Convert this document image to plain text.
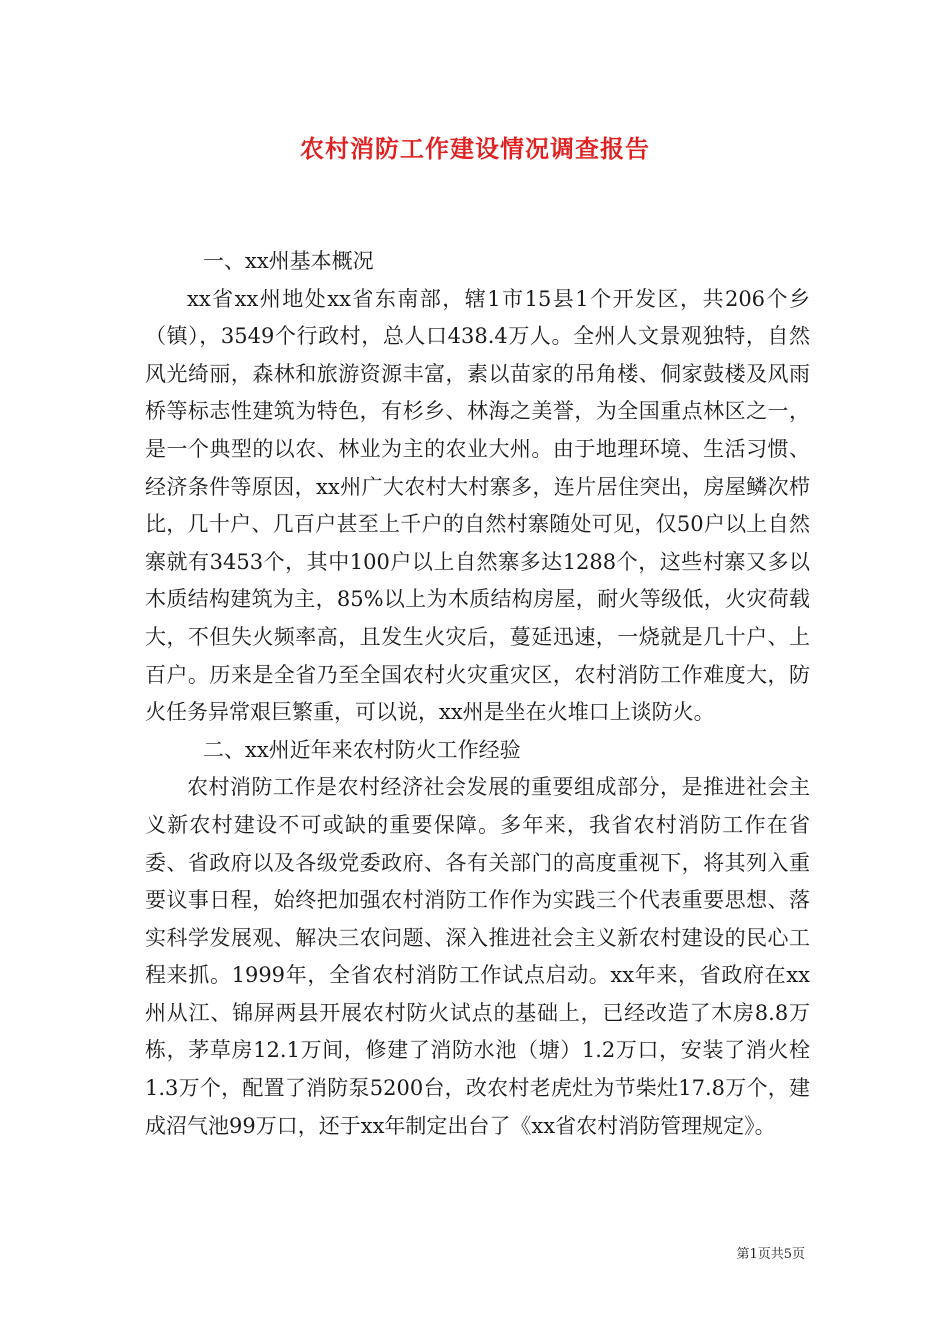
农村消防工作建设情况调查报告

一、xx州基本概况

xx省xx州地处xx省东南部，辖1市15县1个开发区，共206个乡（镇），3549个行政村，总人口438.4万人。全州人文景观独特，自然风光绮丽，森林和旅游资源丰富，素以苗家的吊角楼、侗家鼓楼及风雨桥等标志性建筑为特色，有杉乡、林海之美誉，为全国重点林区之一，是一个典型的以农、林业为主的农业大州。由于地理环境、生活习惯、经济条件等原因，xx州广大农村大村寨多，连片居住突出，房屋鳞次栉比，几十户、几百户甚至上千户的自然村寨随处可见，仅50户以上自然寨就有3453个，其中100户以上自然寨多达1288个，这些村寨又多以木质结构建筑为主，85%以上为木质结构房屋，耐火等级低，火灾荷载大，不但失火频率高，且发生火灾后，蔓延迅速，一烧就是几十户、上百户。历来是全省乃至全国农村火灾重灾区，农村消防工作难度大，防火任务异常艰巨繁重，可以说，xx州是坐在火堆口上谈防火。

二、xx州近年来农村防火工作经验

农村消防工作是农村经济社会发展的重要组成部分，是推进社会主义新农村建设不可或缺的重要保障。多年来，我省农村消防工作在省委、省政府以及各级党委政府、各有关部门的高度重视下，将其列入重要议事日程，始终把加强农村消防工作作为实践三个代表重要思想、落实科学发展观、解决三农问题、深入推进社会主义新农村建设的民心工程来抓。1999年，全省农村消防工作试点启动。xx年来，省政府在xx州从江、锦屏两县开展农村防火试点的基础上，已经改造了木房8.8万栋，茅草房12.1万间，修建了消防水池（塘）1.2万口，安装了消火栓1.3万个，配置了消防泵5200台，改农村老虎灶为节柴灶17.8万个，建成沼气池99万口，还于xx年制定出台了《xx省农村消防管理规定》。

第1页共5页
